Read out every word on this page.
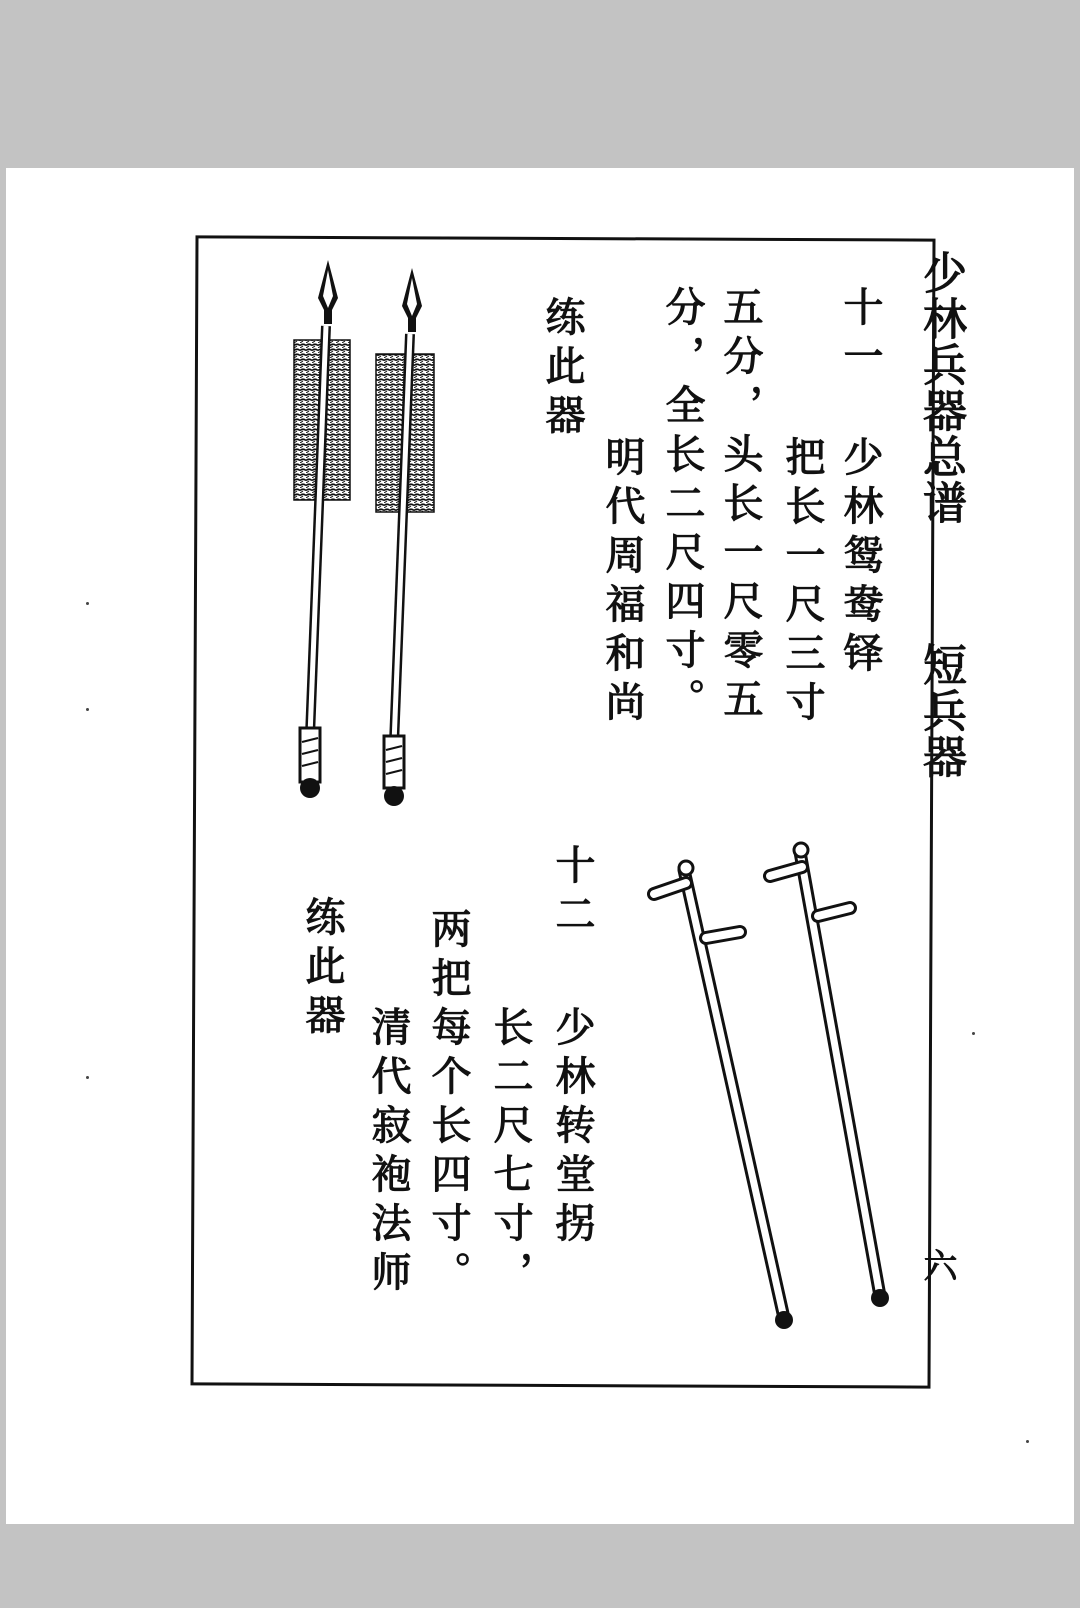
少林兵器总谱
短兵器
六
十一
少林鸳鸯铎
把长一尺三寸
五分，头长一尺零五
分，全长二尺四寸。
明代周福和尚
练此器
十二
少林转堂拐
长二尺七寸，
两把每个长四寸。
清代寂袍法师
练此器
